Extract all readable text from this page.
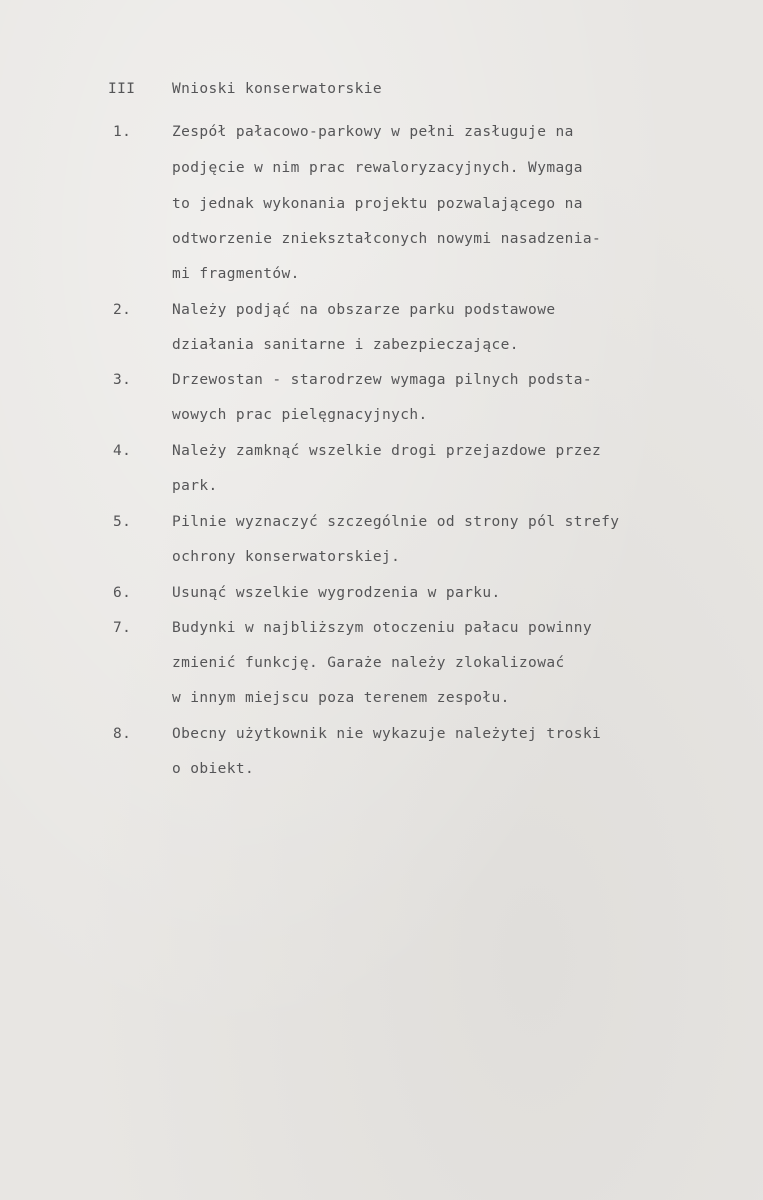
III	Wnioski konserwatorskie
1.	Zespół pałacowo-parkowy w pełni zasługuje na
podjęcie w nim prac rewaloryzacyjnych. Wymaga
to jednak wykonania projektu pozwalającego na
odtworzenie zniekształconych nowymi nasadzenia-
mi fragmentów.
2.	Należy podjąć na obszarze parku podstawowe
działania sanitarne i zabezpieczające.
3.	Drzewostan - starodrzew wymaga pilnych podsta-
wowych prac pielęgnacyjnych.
4.	Należy zamknąć wszelkie drogi przejazdowe przez
park.
5.	Pilnie wyznaczyć szczególnie od strony pól strefy
ochrony konserwatorskiej.
6.	Usunąć wszelkie wygrodzenia w parku.
7.	Budynki w najbliższym otoczeniu pałacu powinny
zmienić funkcję. Garaże należy zlokalizować
w innym miejscu poza terenem zespołu.
8.	Obecny użytkownik nie wykazuje należytej troski
o obiekt.
